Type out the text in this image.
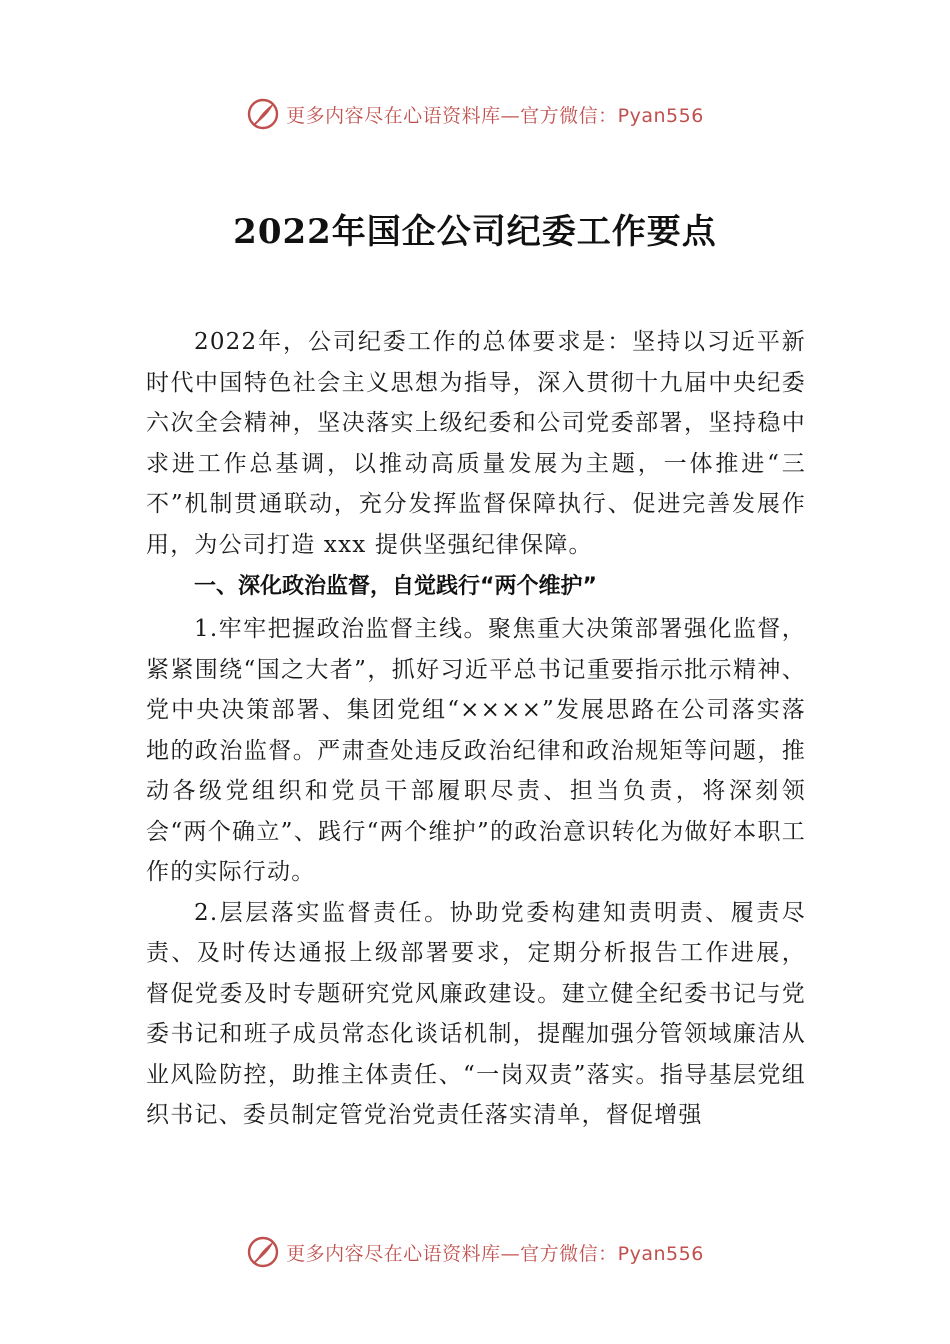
更多内容尽在心语资料库—官方微信：Pyan556
2022年国企公司纪委工作要点

2022年，公司纪委工作的总体要求是：坚持以习近平新时代中国特色社会主义思想为指导，深入贯彻十九届中央纪委六次全会精神，坚决落实上级纪委和公司党委部署，坚持稳中求进工作总基调，以推动高质量发展为主题，一体推进“三不”机制贯通联动，充分发挥监督保障执行、促进完善发展作用，为公司打造 xxx 提供坚强纪律保障。

一、深化政治监督，自觉践行“两个维护”

1.牢牢把握政治监督主线。聚焦重大决策部署强化监督，紧紧围绕“国之大者”，抓好习近平总书记重要指示批示精神、党中央决策部署、集团党组“××××”发展思路在公司落实落地的政治监督。严肃查处违反政治纪律和政治规矩等问题，推动各级党组织和党员干部履职尽责、担当负责，将深刻领会“两个确立”、践行“两个维护”的政治意识转化为做好本职工作的实际行动。

2.层层落实监督责任。协助党委构建知责明责、履责尽责、及时传达通报上级部署要求，定期分析报告工作进展， 督促党委及时专题研究党风廉政建设。建立健全纪委书记与党委书记和班子成员常态化谈话机制，提醒加强分管领域廉洁从业风险防控，助推主体责任、“一岗双责”落实。指导基层党组织书记、委员制定管党治党责任落实清单，督促增强

更多内容尽在心语资料库—官方微信：Pyan556
